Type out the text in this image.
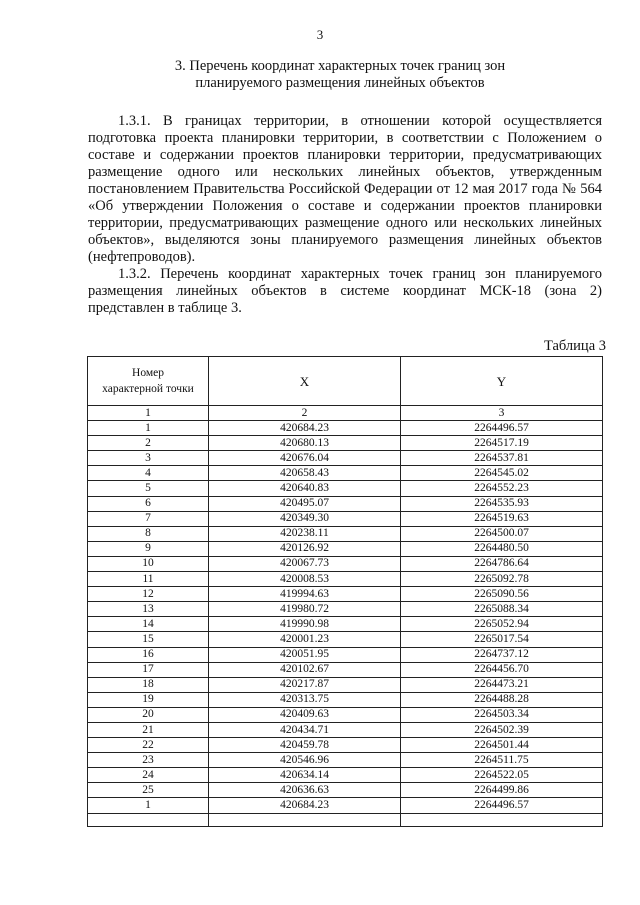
3
3. Перечень координат характерных точек границ зон
планируемого размещения линейных объектов
1.3.1. В границах территории, в отношении которой осуществляется подготовка проекта планировки территории, в соответствии с Положением о составе и содержании проектов планировки территории, предусматривающих размещение одного или нескольких линейных объектов, утвержденным постановлением Правительства Российской Федерации от 12 мая 2017 года № 564 «Об утверждении Положения о составе и содержании проектов планировки территории, предусматривающих размещение одного или нескольких линейных объектов», выделяются зоны планируемого размещения линейных объектов (нефтепроводов).
1.3.2. Перечень координат характерных точек границ зон планируемого размещения линейных объектов в системе координат МСК-18 (зона 2) представлен в таблице 3.
Таблица 3
Номер
характерной точки	X	Y
1	2	3
1	420684.23	2264496.57
2	420680.13	2264517.19
3	420676.04	2264537.81
4	420658.43	2264545.02
5	420640.83	2264552.23
6	420495.07	2264535.93
7	420349.30	2264519.63
8	420238.11	2264500.07
9	420126.92	2264480.50
10	420067.73	2264786.64
11	420008.53	2265092.78
12	419994.63	2265090.56
13	419980.72	2265088.34
14	419990.98	2265052.94
15	420001.23	2265017.54
16	420051.95	2264737.12
17	420102.67	2264456.70
18	420217.87	2264473.21
19	420313.75	2264488.28
20	420409.63	2264503.34
21	420434.71	2264502.39
22	420459.78	2264501.44
23	420546.96	2264511.75
24	420634.14	2264522.05
25	420636.63	2264499.86
1	420684.23	2264496.57
